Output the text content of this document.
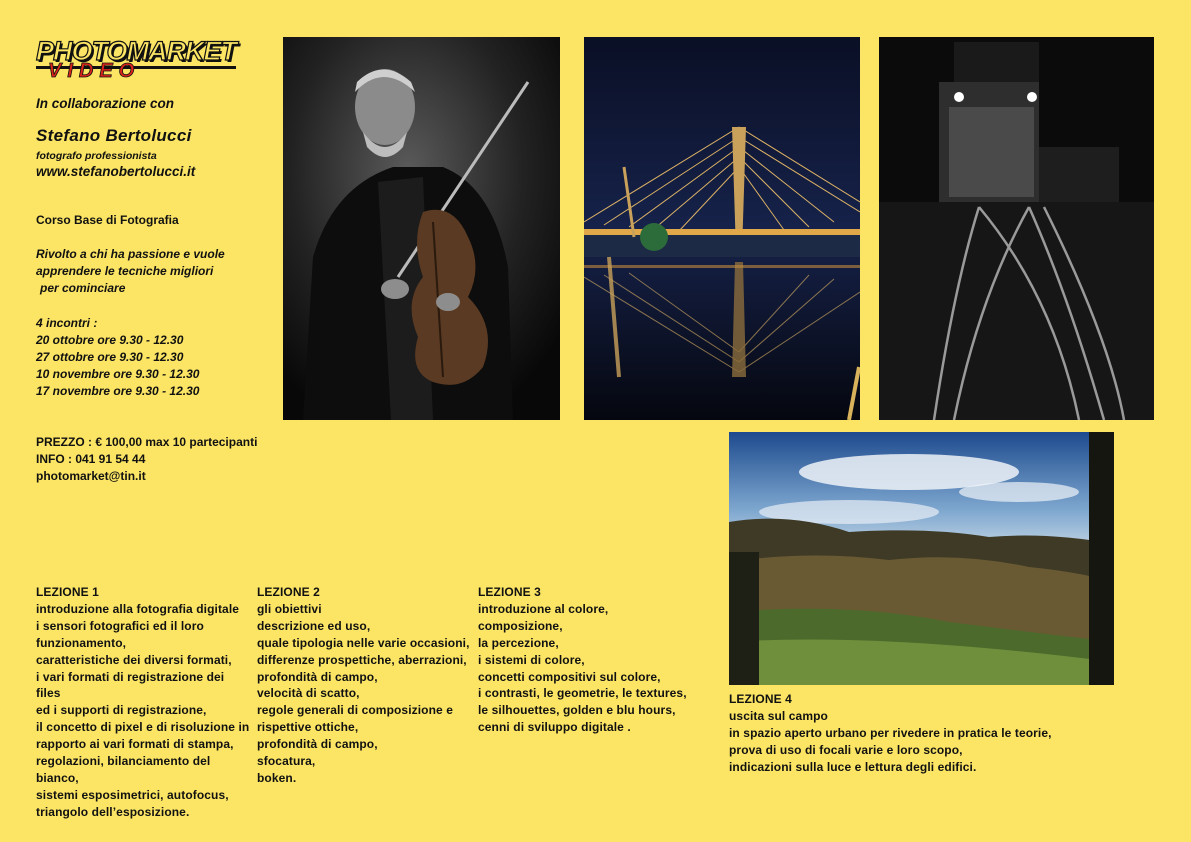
PHOTOMARKET
VIDEO
In collaborazione con
Stefano Bertolucci
fotografo professionista
www.stefanobertolucci.it
Corso Base di Fotografia
Rivolto a chi ha passione e vuole
apprendere le tecniche migliori
per cominciare
4 incontri :
20 ottobre ore 9.30 - 12.30
27 ottobre ore 9.30 - 12.30
10 novembre ore 9.30 - 12.30
17 novembre ore 9.30 - 12.30
PREZZO : € 100,00 max 10 partecipanti
INFO : 041 91 54 44
photomarket@tin.it
LEZIONE 1
introduzione alla fotografia digitale
i sensori fotografici ed il loro
funzionamento,
caratteristiche dei diversi formati,
i vari formati di registrazione dei files
ed i supporti di registrazione,
il concetto di pixel e di risoluzione in
rapporto ai vari formati di stampa,
regolazioni, bilanciamento del bianco,
sistemi esposimetrici, autofocus,
triangolo dell’esposizione.
LEZIONE 2
gli obiettivi
descrizione ed uso,
quale tipologia nelle varie occasioni,
differenze prospettiche, aberrazioni,
profondità di campo,
velocità di scatto,
regole generali di composizione e
rispettive ottiche,
profondità di campo,
sfocatura,
boken.
LEZIONE 3
introduzione al colore,
composizione,
la percezione,
i sistemi di colore,
concetti compositivi sul colore,
i contrasti, le geometrie, le textures,
le silhouettes, golden e blu hours,
cenni di sviluppo digitale .
LEZIONE 4
uscita sul campo
in spazio aperto urbano per rivedere in pratica le teorie,
prova di uso di focali varie e loro scopo,
indicazioni sulla luce e lettura degli edifici.
